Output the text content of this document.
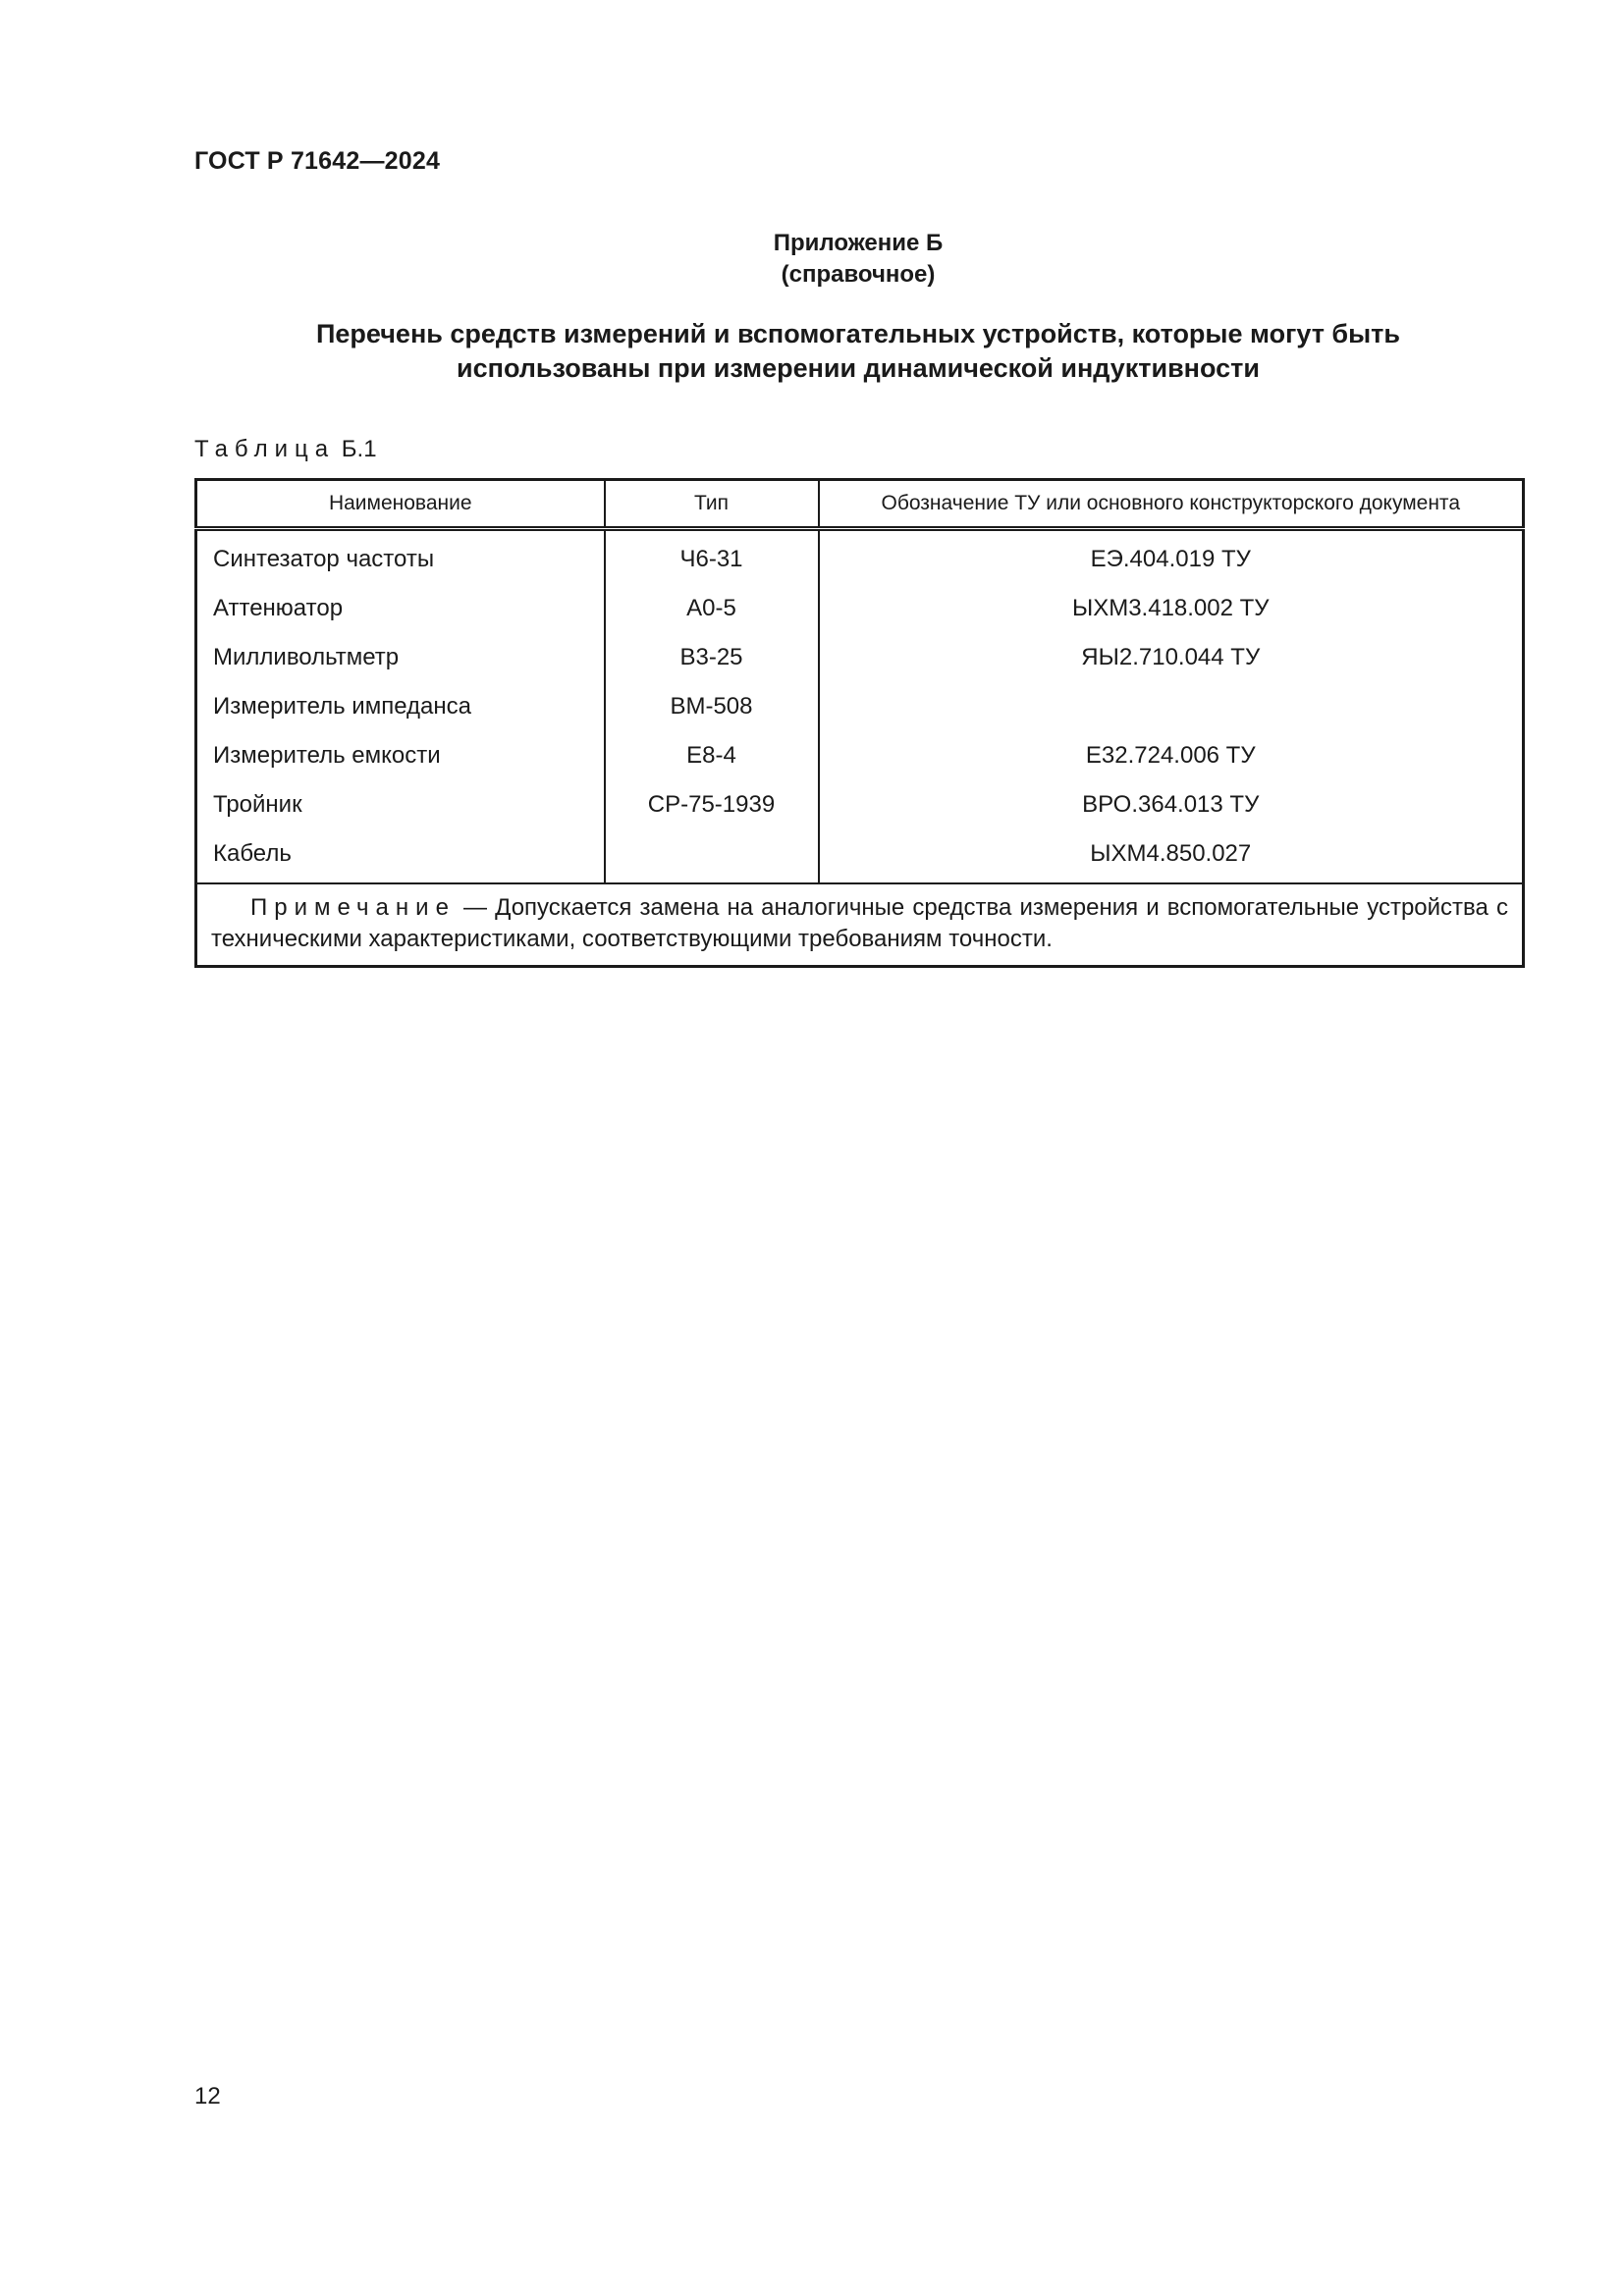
ГОСТ Р 71642—2024
Приложение Б
(справочное)
Перечень средств измерений и вспомогательных устройств, которые могут быть
использованы при измерении динамической индуктивности
Таблица Б.1
Наименование	Тип	Обозначение ТУ или основного конструкторского документа
Синтезатор частоты	Ч6-31	ЕЭ.404.019 ТУ
Аттенюатор	А0-5	ЫХМ3.418.002 ТУ
Милливольтметр	В3-25	ЯЫ2.710.044 ТУ
Измеритель импеданса	ВМ-508	
Измеритель емкости	Е8-4	Е32.724.006 ТУ
Тройник	СР-75-1939	ВРО.364.013 ТУ
Кабель		ЫХМ4.850.027
Примечание — Допускается замена на аналогичные средства измерения и вспомогательные устройства с техническими характеристиками, соответствующими требованиям точности.		
12
